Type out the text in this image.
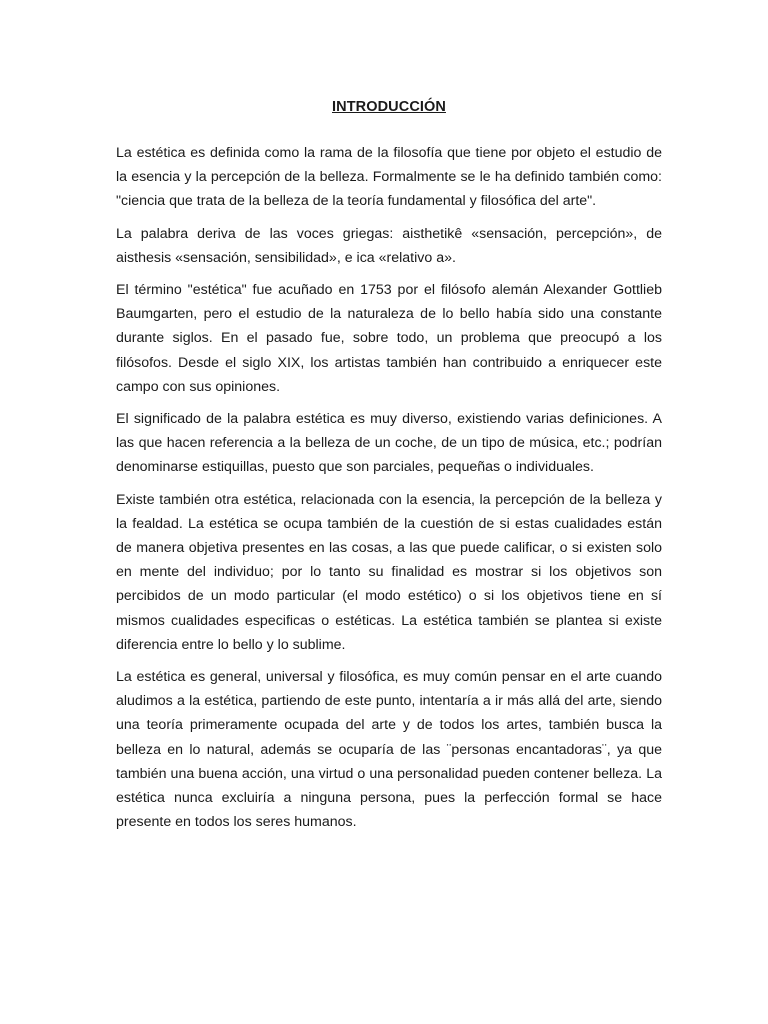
INTRODUCCIÓN

La estética es definida como la rama de la filosofía que tiene por objeto el estudio de la esencia y la percepción de la belleza. Formalmente se le ha definido también como: "ciencia que trata de la belleza de la teoría fundamental y filosófica del arte".

La palabra deriva de las voces griegas: aisthetikê «sensación, percepción», de aisthesis «sensación, sensibilidad», e ica «relativo a».

El término "estética" fue acuñado en 1753 por el filósofo alemán Alexander Gottlieb Baumgarten, pero el estudio de la naturaleza de lo bello había sido una constante durante siglos. En el pasado fue, sobre todo, un problema que preocupó a los filósofos. Desde el siglo XIX, los artistas también han contribuido a enriquecer este campo con sus opiniones.

El significado de la palabra estética es muy diverso, existiendo varias definiciones. A las que hacen referencia a la belleza de un coche, de un tipo de música, etc.; podrían denominarse estiquillas, puesto que son parciales, pequeñas o individuales.

Existe también otra estética, relacionada con la esencia, la percepción de la belleza y la fealdad. La estética se ocupa también de la cuestión de si estas cualidades están de manera objetiva presentes en las cosas, a las que puede calificar, o si existen solo en mente del individuo; por lo tanto su finalidad es mostrar si los objetivos son percibidos de un modo particular (el modo estético) o si los objetivos tiene en sí mismos cualidades especificas o estéticas. La estética también se plantea si existe diferencia entre lo bello y lo sublime.

La estética es general, universal y filosófica, es muy común pensar en el arte cuando aludimos a la estética, partiendo de este punto, intentaría a ir más allá del arte, siendo una teoría primeramente ocupada del arte y de todos los artes, también busca la belleza en lo natural, además se ocuparía de las ¨personas encantadoras¨, ya que también una buena acción, una virtud o una personalidad pueden contener belleza. La estética nunca excluiría a ninguna persona, pues la perfección formal se hace presente en todos los seres humanos.
